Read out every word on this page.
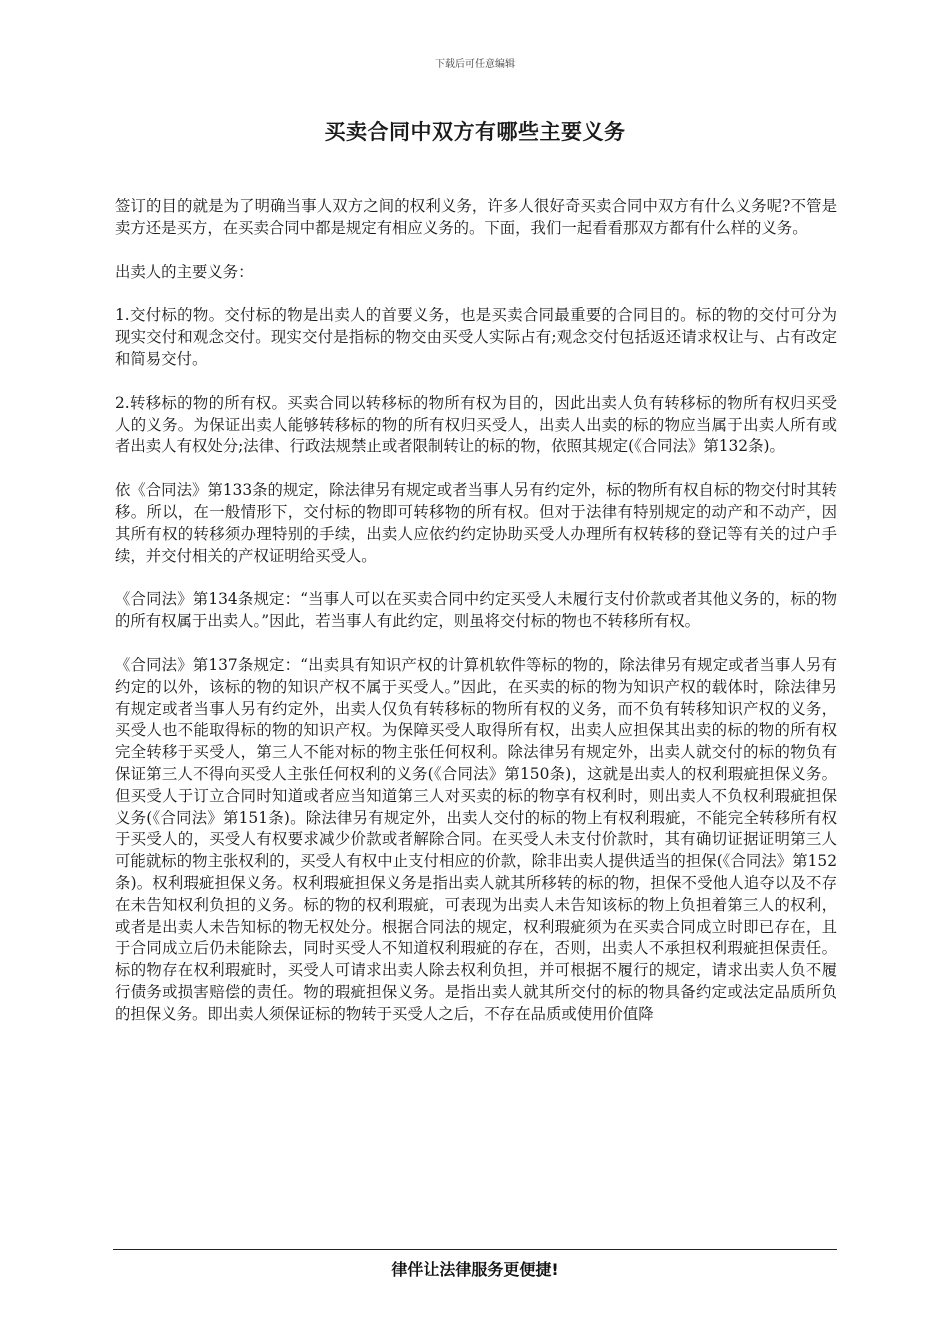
下载后可任意编辑
买卖合同中双方有哪些主要义务

签订的目的就是为了明确当事人双方之间的权利义务，许多人很好奇买卖合同中双方有什么义务呢?不管是卖方还是买方，在买卖合同中都是规定有相应义务的。下面，我们一起看看那双方都有什么样的义务。

出卖人的主要义务：

1.交付标的物。交付标的物是出卖人的首要义务，也是买卖合同最重要的合同目的。标的物的交付可分为现实交付和观念交付。现实交付是指标的物交由买受人实际占有;观念交付包括返还请求权让与、占有改定和简易交付。

2.转移标的物的所有权。买卖合同以转移标的物所有权为目的，因此出卖人负有转移标的物所有权归买受人的义务。为保证出卖人能够转移标的物的所有权归买受人，出卖人出卖的标的物应当属于出卖人所有或者出卖人有权处分;法律、行政法规禁止或者限制转让的标的物，依照其规定(《合同法》第132条)。

依《合同法》第133条的规定，除法律另有规定或者当事人另有约定外，标的物所有权自标的物交付时其转移。所以，在一般情形下，交付标的物即可转移物的所有权。但对于法律有特别规定的动产和不动产，因其所有权的转移须办理特别的手续，出卖人应依约约定协助买受人办理所有权转移的登记等有关的过户手续，并交付相关的产权证明给买受人。

《合同法》第134条规定：“当事人可以在买卖合同中约定买受人未履行支付价款或者其他义务的，标的物的所有权属于出卖人。”因此，若当事人有此约定，则虽将交付标的物也不转移所有权。

《合同法》第137条规定：“出卖具有知识产权的计算机软件等标的物的，除法律另有规定或者当事人另有约定的以外，该标的物的知识产权不属于买受人。”因此，在买卖的标的物为知识产权的载体时，除法律另有规定或者当事人另有约定外，出卖人仅负有转移标的物所有权的义务，而不负有转移知识产权的义务，买受人也不能取得标的物的知识产权。为保障买受人取得所有权，出卖人应担保其出卖的标的物的所有权完全转移于买受人，第三人不能对标的物主张任何权利。除法律另有规定外，出卖人就交付的标的物负有保证第三人不得向买受人主张任何权利的义务(《合同法》第150条)，这就是出卖人的权利瑕疵担保义务。但买受人于订立合同时知道或者应当知道第三人对买卖的标的物享有权利时，则出卖人不负权利瑕疵担保义务(《合同法》第151条)。除法律另有规定外，出卖人交付的标的物上有权利瑕疵，不能完全转移所有权于买受人的，买受人有权要求减少价款或者解除合同。在买受人未支付价款时，其有确切证据证明第三人可能就标的物主张权利的，买受人有权中止支付相应的价款，除非出卖人提供适当的担保(《合同法》第152条)。权利瑕疵担保义务。权利瑕疵担保义务是指出卖人就其所移转的标的物，担保不受他人追夺以及不存在未告知权利负担的义务。标的物的权利瑕疵，可表现为出卖人未告知该标的物上负担着第三人的权利，或者是出卖人未告知标的物无权处分。根据合同法的规定，权利瑕疵须为在买卖合同成立时即已存在，且于合同成立后仍未能除去，同时买受人不知道权利瑕疵的存在，否则，出卖人不承担权利瑕疵担保责任。标的物存在权利瑕疵时，买受人可请求出卖人除去权利负担，并可根据不履行的规定，请求出卖人负不履行债务或损害赔偿的责任。物的瑕疵担保义务。是指出卖人就其所交付的标的物具备约定或法定品质所负的担保义务。即出卖人须保证标的物转于买受人之后，不存在品质或使用价值降

律伴让法律服务更便捷!
